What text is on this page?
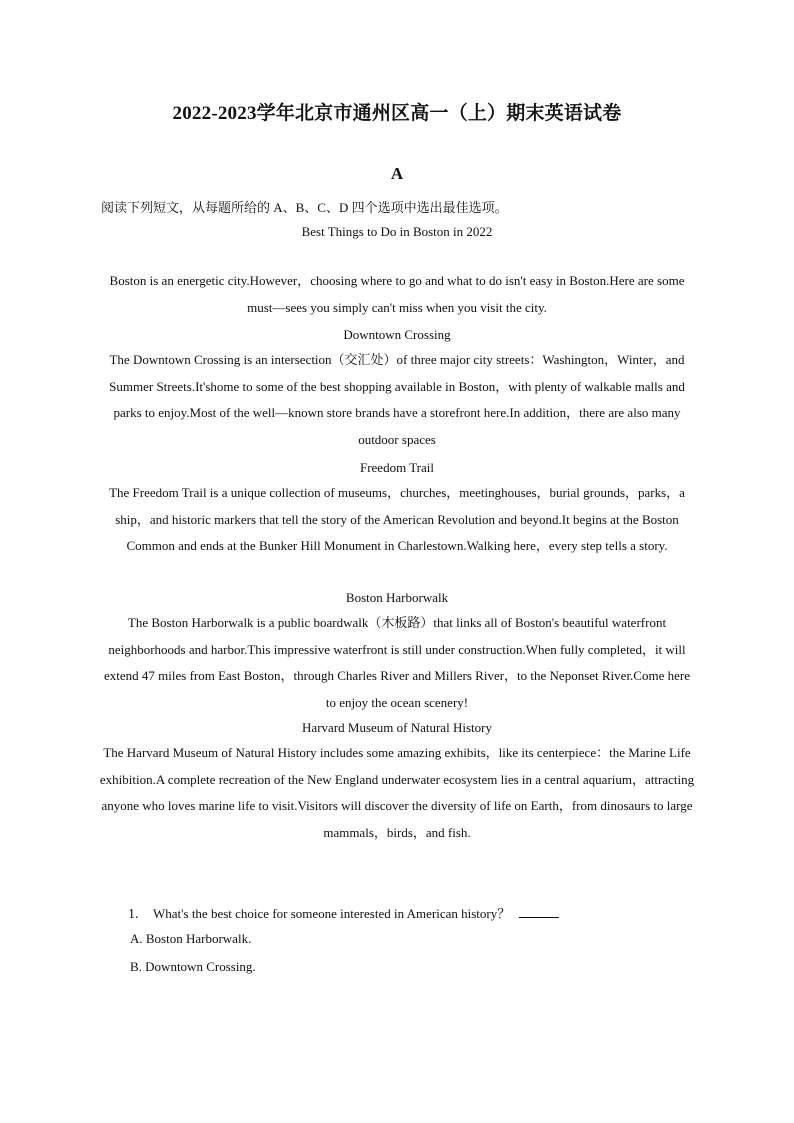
2022-2023学年北京市通州区高一（上）期末英语试卷
A
阅读下列短文，从每题所给的 A、B、C、D 四个选项中选出最佳选项。
Best Things to Do in Boston in 2022
Boston is an energetic city.However，choosing where to go and what to do isn't easy in Boston.Here are some must—sees you simply can't miss when you visit the city.
Downtown Crossing
The Downtown Crossing is an intersection（交汇处）of three major city streets：Washington，Winter，and Summer Streets.It'shome to some of the best shopping available in Boston，with plenty of walkable malls and parks to enjoy.Most of the well—known store brands have a storefront here.In addition，there are also many outdoor spaces
Freedom Trail
The Freedom Trail is a unique collection of museums，churches，meetinghouses，burial grounds，parks，a ship，and historic markers that tell the story of the American Revolution and beyond.It begins at the Boston Common and ends at the Bunker Hill Monument in Charlestown.Walking here，every step tells a story.
Boston Harborwalk
The Boston Harborwalk is a public boardwalk（木板路）that links all of Boston's beautiful waterfront neighborhoods and harbor.This impressive waterfront is still under construction.When fully completed，it will extend 47 miles from East Boston，through Charles River and Millers River，to the Neponset River.Come here to enjoy the ocean scenery!
Harvard Museum of Natural History
The Harvard Museum of Natural History includes some amazing exhibits，like its centerpiece：the Marine Life exhibition.A complete recreation of the New England underwater ecosystem lies in a central aquarium，attracting anyone who loves marine life to visit.Visitors will discover the diversity of life on Earth，from dinosaurs to large mammals，birds，and fish.
1. What's the best choice for someone interested in American history？
A. Boston Harborwalk.
B. Downtown Crossing.
